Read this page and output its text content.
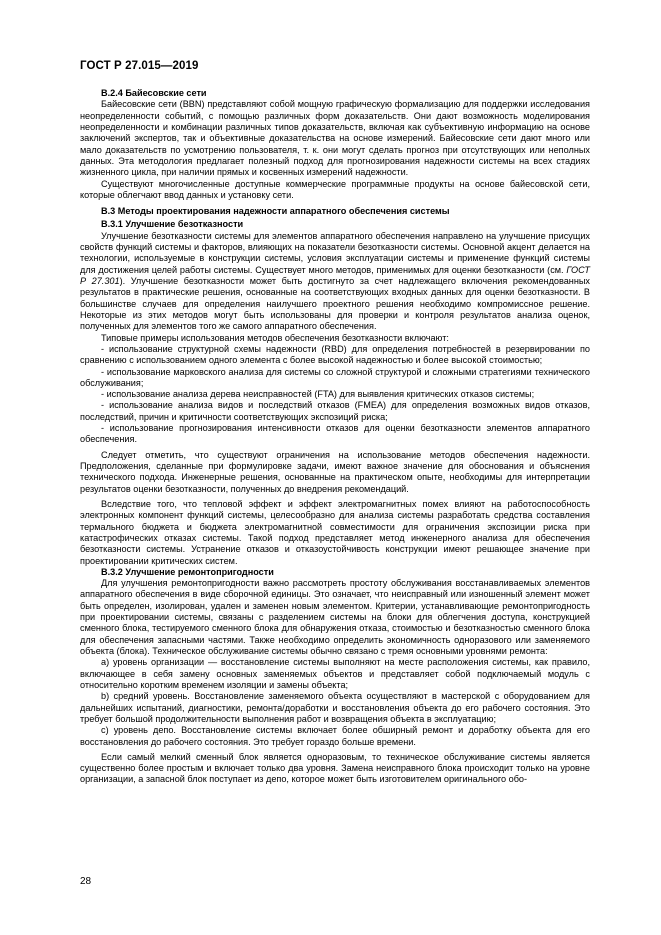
ГОСТ Р 27.015—2019
В.2.4 Байесовские сети

Байесовские сети (BBN) представляют собой мощную графическую формализацию для поддержки исследования неопределенности событий, с помощью различных форм доказательств. Они дают возможность моделирования неопределенности и комбинации различных типов доказательств, включая как субъективную информацию на основе заключений экспертов, так и объективные доказательства на основе измерений. Байесовские сети дают много или мало доказательств по усмотрению пользователя, т. к. они могут сделать прогноз при отсутствующих или неполных данных. Эта методология предлагает полезный подход для прогнозирования надежности системы на всех стадиях жизненного цикла, при наличии прямых и косвенных измерений надежности.

Существуют многочисленные доступные коммерческие программные продукты на основе байесовской сети, которые облегчают ввод данных и установку сети.

В.3 Методы проектирования надежности аппаратного обеспечения системы
В.3.1 Улучшение безотказности

Улучшение безотказности системы для элементов аппаратного обеспечения направлено на улучшение присущих свойств функций системы и факторов, влияющих на показатели безотказности системы. Основной акцент делается на технологии, используемые в конструкции системы, условия эксплуатации системы и применение функций системы для достижения целей работы системы. Существует много методов, применимых для оценки безотказности (см. ГОСТ Р 27.301). Улучшение безотказности может быть достигнуто за счет надлежащего включения рекомендованных результатов в практические решения, основанные на соответствующих входных данных для оценки безотказности. В большинстве случаев для определения наилучшего проектного решения необходимо компромиссное решение. Некоторые из этих методов могут быть использованы для проверки и контроля результатов анализа оценок, полученных для элементов того же самого аппаратного обеспечения.

Типовые примеры использования методов обеспечения безотказности включают:

- использование структурной схемы надежности (RBD) для определения потребностей в резервировании по сравнению с использованием одного элемента с более высокой надежностью и более высокой стоимостью;

- использование марковского анализа для системы со сложной структурой и сложными стратегиями технического обслуживания;

- использование анализа дерева неисправностей (FTA) для выявления критических отказов системы;

- использование анализа видов и последствий отказов (FMEA) для определения возможных видов отказов, последствий, причин и критичности соответствующих экспозиций риска;

- использование прогнозирования интенсивности отказов для оценки безотказности элементов аппаратного обеспечения.

Следует отметить, что существуют ограничения на использование методов обеспечения надежности. Предположения, сделанные при формулировке задачи, имеют важное значение для обоснования и объяснения технического подхода. Инженерные решения, основанные на практическом опыте, необходимы для интерпретации результатов оценки безотказности, полученных до внедрения рекомендаций.

Вследствие того, что тепловой эффект и эффект электромагнитных помех влияют на работоспособность электронных компонент функций системы, целесообразно для анализа системы разработать средства составления термального бюджета и бюджета электромагнитной совместимости для ограничения экспозиции риска при катастрофических отказах системы. Такой подход представляет метод инженерного анализа для обеспечения безотказности системы. Устранение отказов и отказоустойчивость конструкции имеют решающее значение при проектировании критических систем.

В.3.2 Улучшение ремонтопригодности

Для улучшения ремонтопригодности важно рассмотреть простоту обслуживания восстанавливаемых элементов аппаратного обеспечения в виде сборочной единицы. Это означает, что неисправный или изношенный элемент может быть определен, изолирован, удален и заменен новым элементом. Критерии, устанавливающие ремонтопригодность при проектировании системы, связаны с разделением системы на блоки для облегчения доступа, конструкцией сменного блока, тестируемого сменного блока для обнаружения отказа, стоимостью и безотказностью сменного блока для обеспечения запасными частями. Также необходимо определить экономичность одноразового или заменяемого объекта (блока). Техническое обслуживание системы обычно связано с тремя основными уровнями ремонта:

а) уровень организации — восстановление системы выполняют на месте расположения системы, как правило, включающее в себя замену основных заменяемых объектов и представляет собой подключаемый модуль с относительно коротким временем изоляции и замены объекта;

b) средний уровень. Восстановление заменяемого объекта осуществляют в мастерской с оборудованием для дальнейших испытаний, диагностики, ремонта/доработки и восстановления объекта до его рабочего состояния. Это требует большой продолжительности выполнения работ и возвращения объекта в эксплуатацию;

с) уровень депо. Восстановление системы включает более обширный ремонт и доработку объекта для его восстановления до рабочего состояния. Это требует гораздо больше времени.

Если самый мелкий сменный блок является одноразовым, то техническое обслуживание системы является существенно более простым и включает только два уровня. Замена неисправного блока происходит только на уровне организации, а запасной блок поступает из депо, которое может быть изготовителем оригинального обо-

28
